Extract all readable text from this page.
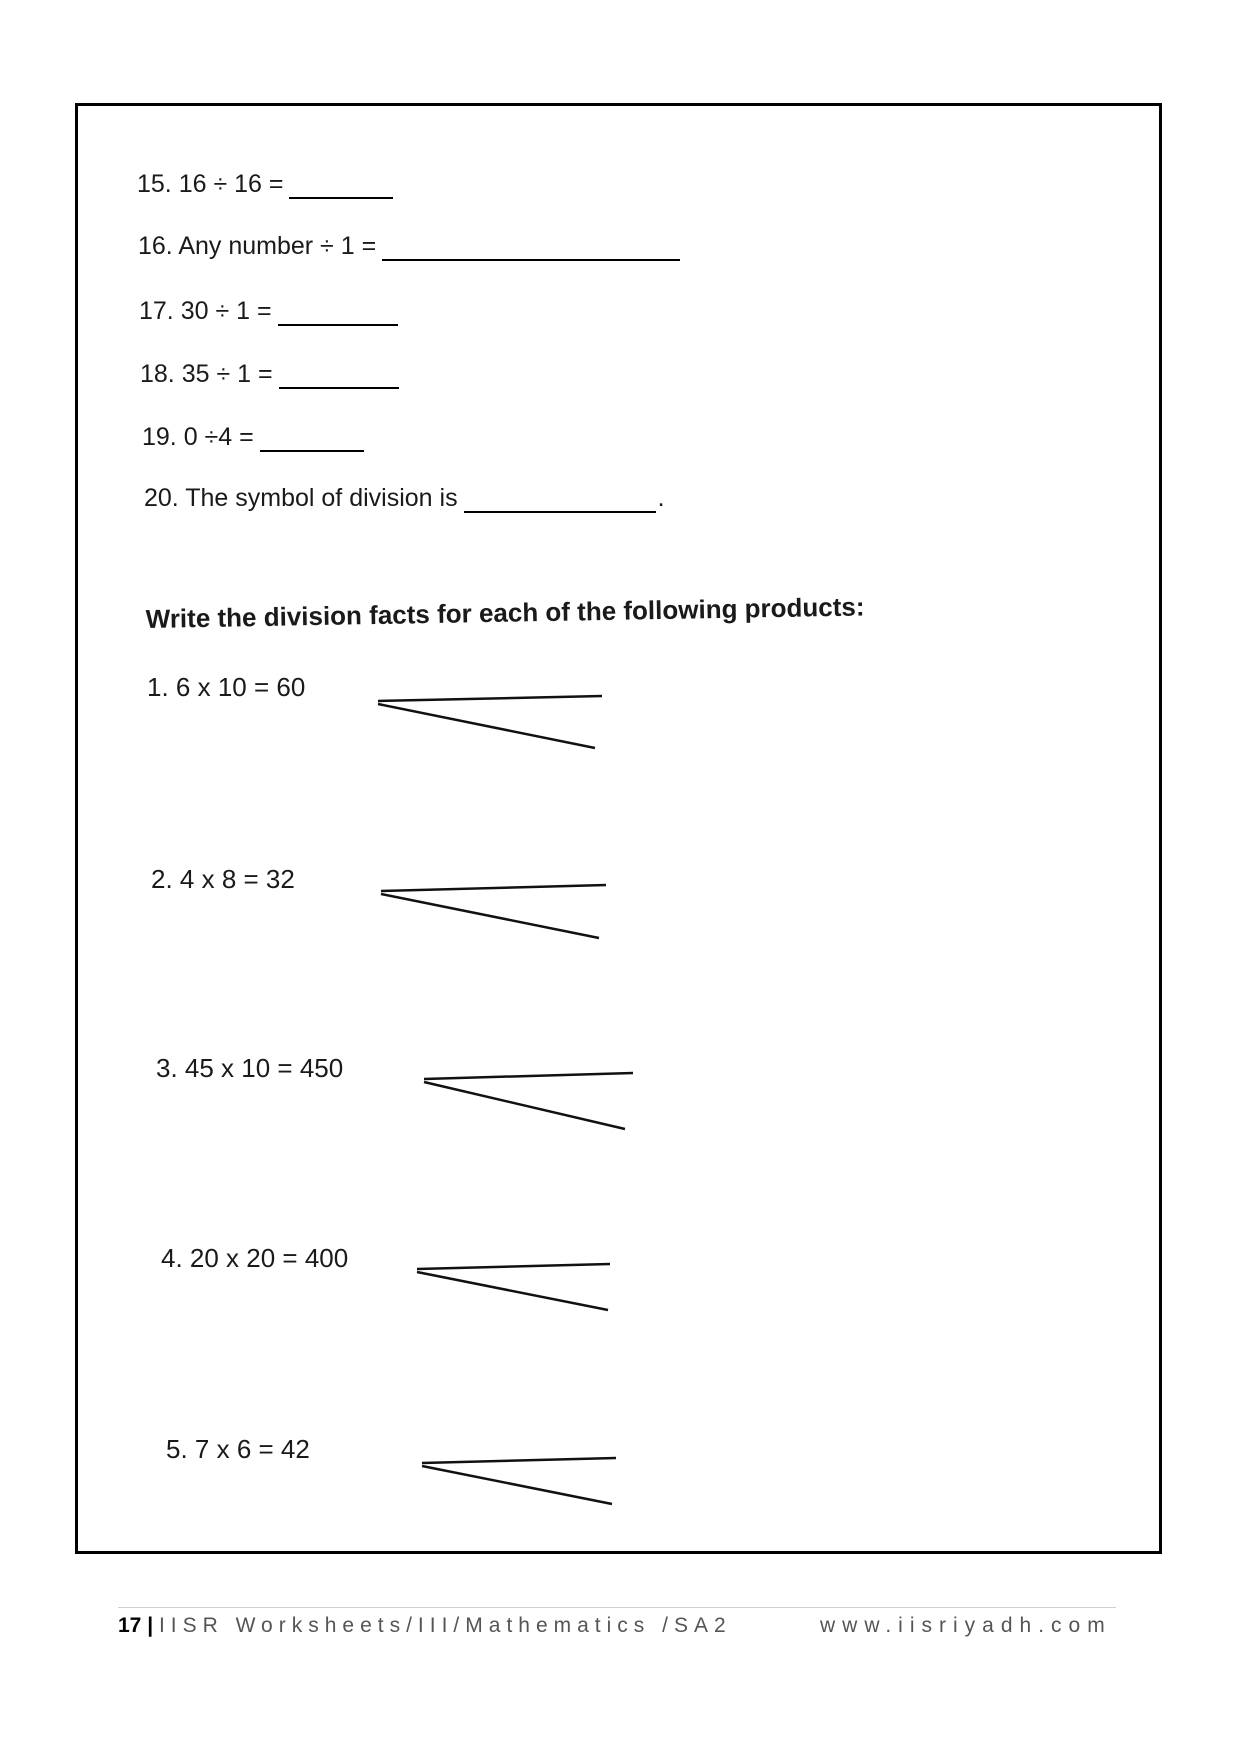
15. 16 ÷ 16 =
16. Any number ÷ 1 =
17. 30 ÷ 1 =
18. 35 ÷ 1 =
19. 0 ÷4 =
20. The symbol of division is	.
Write the division facts for each of the following products:
1. 6 x 10 = 60
2. 4 x 8 = 32
3. 45 x 10 = 450
4. 20 x 20 = 400
5. 7 x 6 = 42
17 | IISR Worksheets/III/Mathematics /SA2	www.iisriyadh.com
